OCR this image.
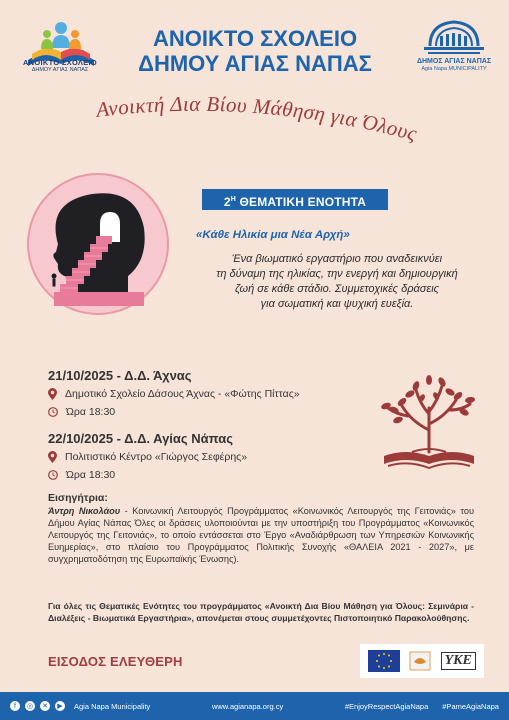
ΑΝΟΙΚΤΟ ΣΧΟΛΕΙΟ
ΔΗΜΟΥ ΑΓΙΑΣ ΝΑΠΑΣ
ΑΝΟΙΚΤΟ ΣΧΟΛΕΙΟ
ΔΗΜΟΥ ΑΓΙΑΣ ΝΑΠΑΣ	ΔΗΜΟΣ ΑΓΙΑΣ ΝΑΠΑΣ
Agia Napa MUNICIPALITY
Ανοικτή Δια Βίου Μάθηση για Όλους
$2^H$ ΘΕΜΑΤΙΚΗ ΕΝΟΤΗΤΑ
«Κάθε Ηλικία μια Νέα Αρχή»
Ένα βιωματικό εργαστήριο που αναδεικνύει
τη δύναμη της ηλικίας, την ενεργή και δημιουργική
ζωή σε κάθε στάδιο. Συμμετοχικές δράσεις
για σωματική και ψυχική ευεξία.
21/10/2025 - Δ.Δ. Άχνας
Δημοτικό Σχολείο Δάσους Άχνας - «Φώτης Πίττας»
Ώρα 18:30
22/10/2025 - Δ.Δ. Αγίας Νάπας
Πολιτιστικό Κέντρο «Γιώργος Σεφέρης»
Ώρα 18:30
Εισηγήτρια:
Άντρη Νικολάου - Κοινωνική Λειτουργός Προγράμματος «Κοινωνικός Λειτουργός της Γειτονιάς» του Δήμου Αγίας Νάπας Όλες οι δράσεις υλοποιούνται με την υποστήριξη του Προγράμματος «Κοινωνικός Λειτουργός της Γειτονιάς», το οποίο εντάσσεται στο Έργο «Αναδιάρθρωση των Υπηρεσιών Κοινωνικής Ευημερίας», στο πλαίσιο του Προγράμματος Πολιτικής Συνοχής «ΘΑΛΕΙΑ 2021 - 2027», με συγχρηματοδότηση της Ευρωπαϊκής Ένωσης).
Για όλες τις Θεματικές Ενότητες του προγράμματος «Ανοικτή Δια Βίου Μάθηση για Όλους: Σεμινάρια - Διαλέξεις - Βιωματικά Εργαστήρια», απονέμεται στους συμμετέχοντες Πιστοποιητικό Παρακολούθησης.
ΕΙΣΟΔΟΣ ΕΛΕΥΘΕΡΗ	ΥΚΕ
f	◎ ✕	▶	Agia Napa Municipality	www.agianapa.org.cy	#EnjoyRespectAgiaNapa #PameAgiaNapa
